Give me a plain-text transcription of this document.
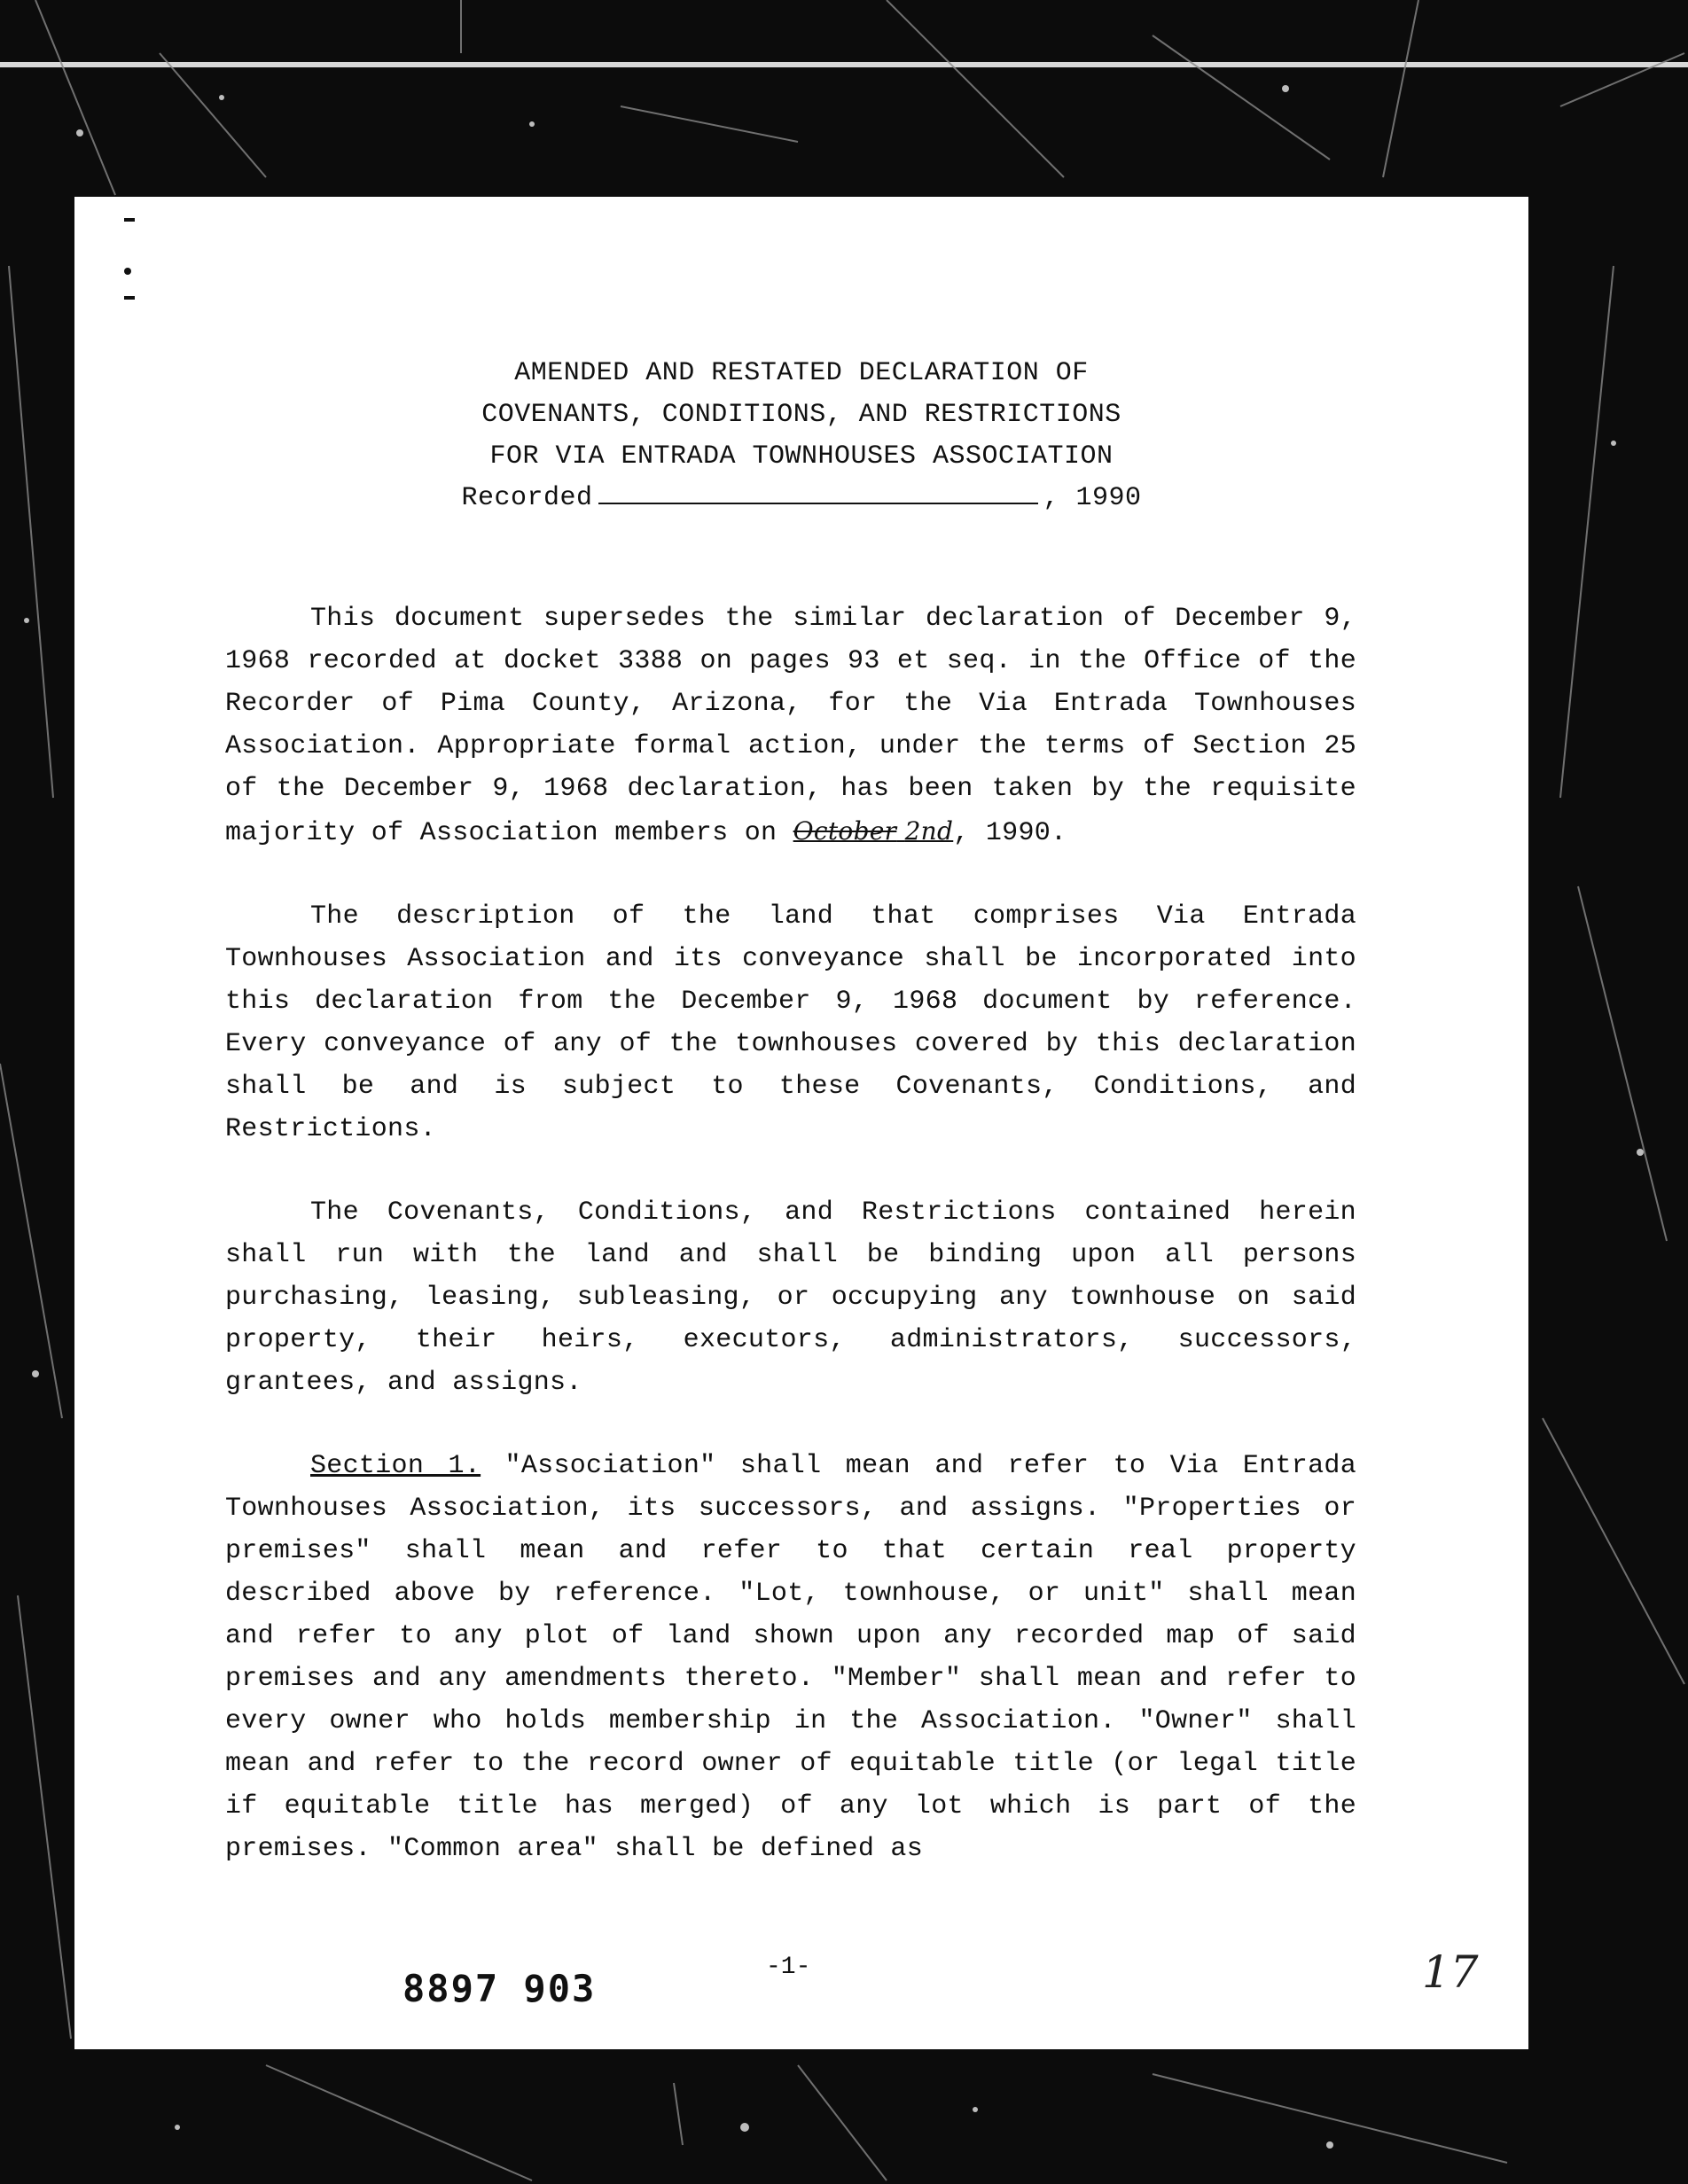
AMENDED AND RESTATED DECLARATION OF
COVENANTS, CONDITIONS, AND RESTRICTIONS
FOR VIA ENTRADA TOWNHOUSES ASSOCIATION
Recorded	, 1990

This document supersedes the similar declaration of December 9, 1968 recorded at docket 3388 on pages 93 et seq. in the Office of the Recorder of Pima County, Arizona, for the Via Entrada Townhouses Association. Appropriate formal action, under the terms of Section 25 of the December 9, 1968 declaration, has been taken by the requisite majority of Association members on October 2nd, 1990.

The description of the land that comprises Via Entrada Townhouses Association and its conveyance shall be incorporated into this declaration from the December 9, 1968 document by reference. Every conveyance of any of the townhouses covered by this declaration shall be and is subject to these Covenants, Conditions, and Restrictions.

The Covenants, Conditions, and Restrictions contained herein shall run with the land and shall be binding upon all persons purchasing, leasing, subleasing, or occupying any townhouse on said property, their heirs, executors, administrators, successors, grantees, and assigns.

Section 1. "Association" shall mean and refer to Via Entrada Townhouses Association, its successors, and assigns. "Properties or premises" shall mean and refer to that certain real property described above by reference. "Lot, townhouse, or unit" shall mean and refer to any plot of land shown upon any recorded map of said premises and any amendments thereto. "Member" shall mean and refer to every owner who holds membership in the Association. "Owner" shall mean and refer to the record owner of equitable title (or legal title if equitable title has merged) of any lot which is part of the premises. "Common area" shall be defined as

8897 903	-1-	17
